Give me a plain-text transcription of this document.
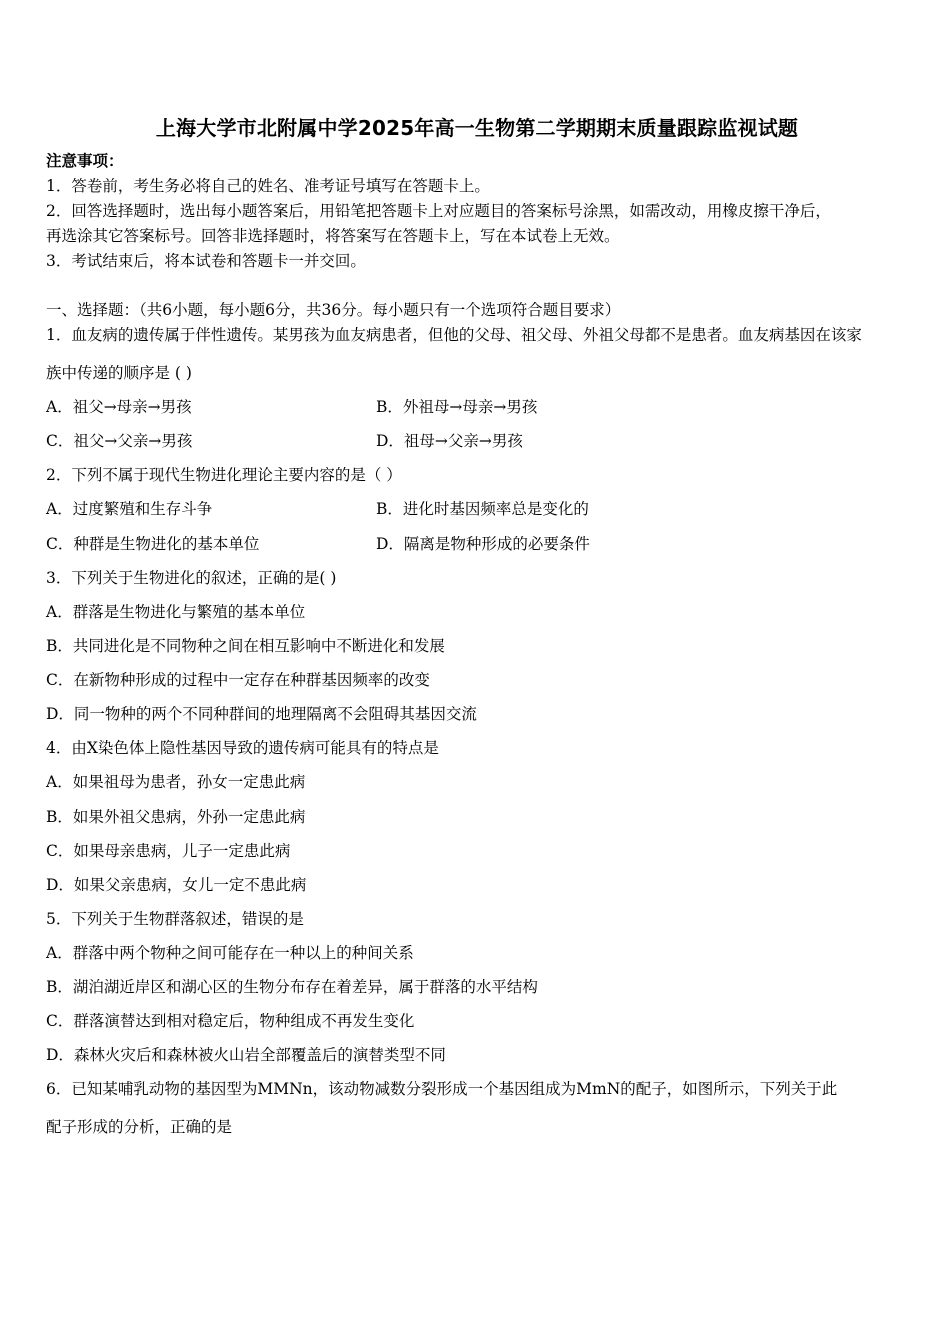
上海大学市北附属中学2025年高一生物第二学期期末质量跟踪监视试题
注意事项：
1．答卷前，考生务必将自己的姓名、准考证号填写在答题卡上。
2．回答选择题时，选出每小题答案后，用铅笔把答题卡上对应题目的答案标号涂黑，如需改动，用橡皮擦干净后，
再选涂其它答案标号。回答非选择题时，将答案写在答题卡上，写在本试卷上无效。
3．考试结束后，将本试卷和答题卡一并交回。
一、选择题：（共6小题，每小题6分，共36分。每小题只有一个选项符合题目要求）
1．血友病的遗传属于伴性遗传。某男孩为血友病患者，但他的父母、祖父母、外祖父母都不是患者。血友病基因在该家
族中传递的顺序是 ( )
A．祖父→母亲→男孩	B．外祖母→母亲→男孩
C．祖父→父亲→男孩	D．祖母→父亲→男孩
2．下列不属于现代生物进化理论主要内容的是（ ）
A．过度繁殖和生存斗争	B．进化时基因频率总是变化的
C．种群是生物进化的基本单位	D．隔离是物种形成的必要条件
3．下列关于生物进化的叙述，正确的是( )
A．群落是生物进化与繁殖的基本单位
B．共同进化是不同物种之间在相互影响中不断进化和发展
C．在新物种形成的过程中一定存在种群基因频率的改变
D．同一物种的两个不同种群间的地理隔离不会阻碍其基因交流
4．由X染色体上隐性基因导致的遗传病可能具有的特点是
A．如果祖母为患者，孙女一定患此病
B．如果外祖父患病，外孙一定患此病
C．如果母亲患病，儿子一定患此病
D．如果父亲患病，女儿一定不患此病
5．下列关于生物群落叙述，错误的是
A．群落中两个物种之间可能存在一种以上的种间关系
B．湖泊湖近岸区和湖心区的生物分布存在着差异，属于群落的水平结构
C．群落演替达到相对稳定后，物种组成不再发生变化
D．森林火灾后和森林被火山岩全部覆盖后的演替类型不同
6．已知某哺乳动物的基因型为MMNn，该动物减数分裂形成一个基因组成为MmN的配子，如图所示，下列关于此
配子形成的分析，正确的是
